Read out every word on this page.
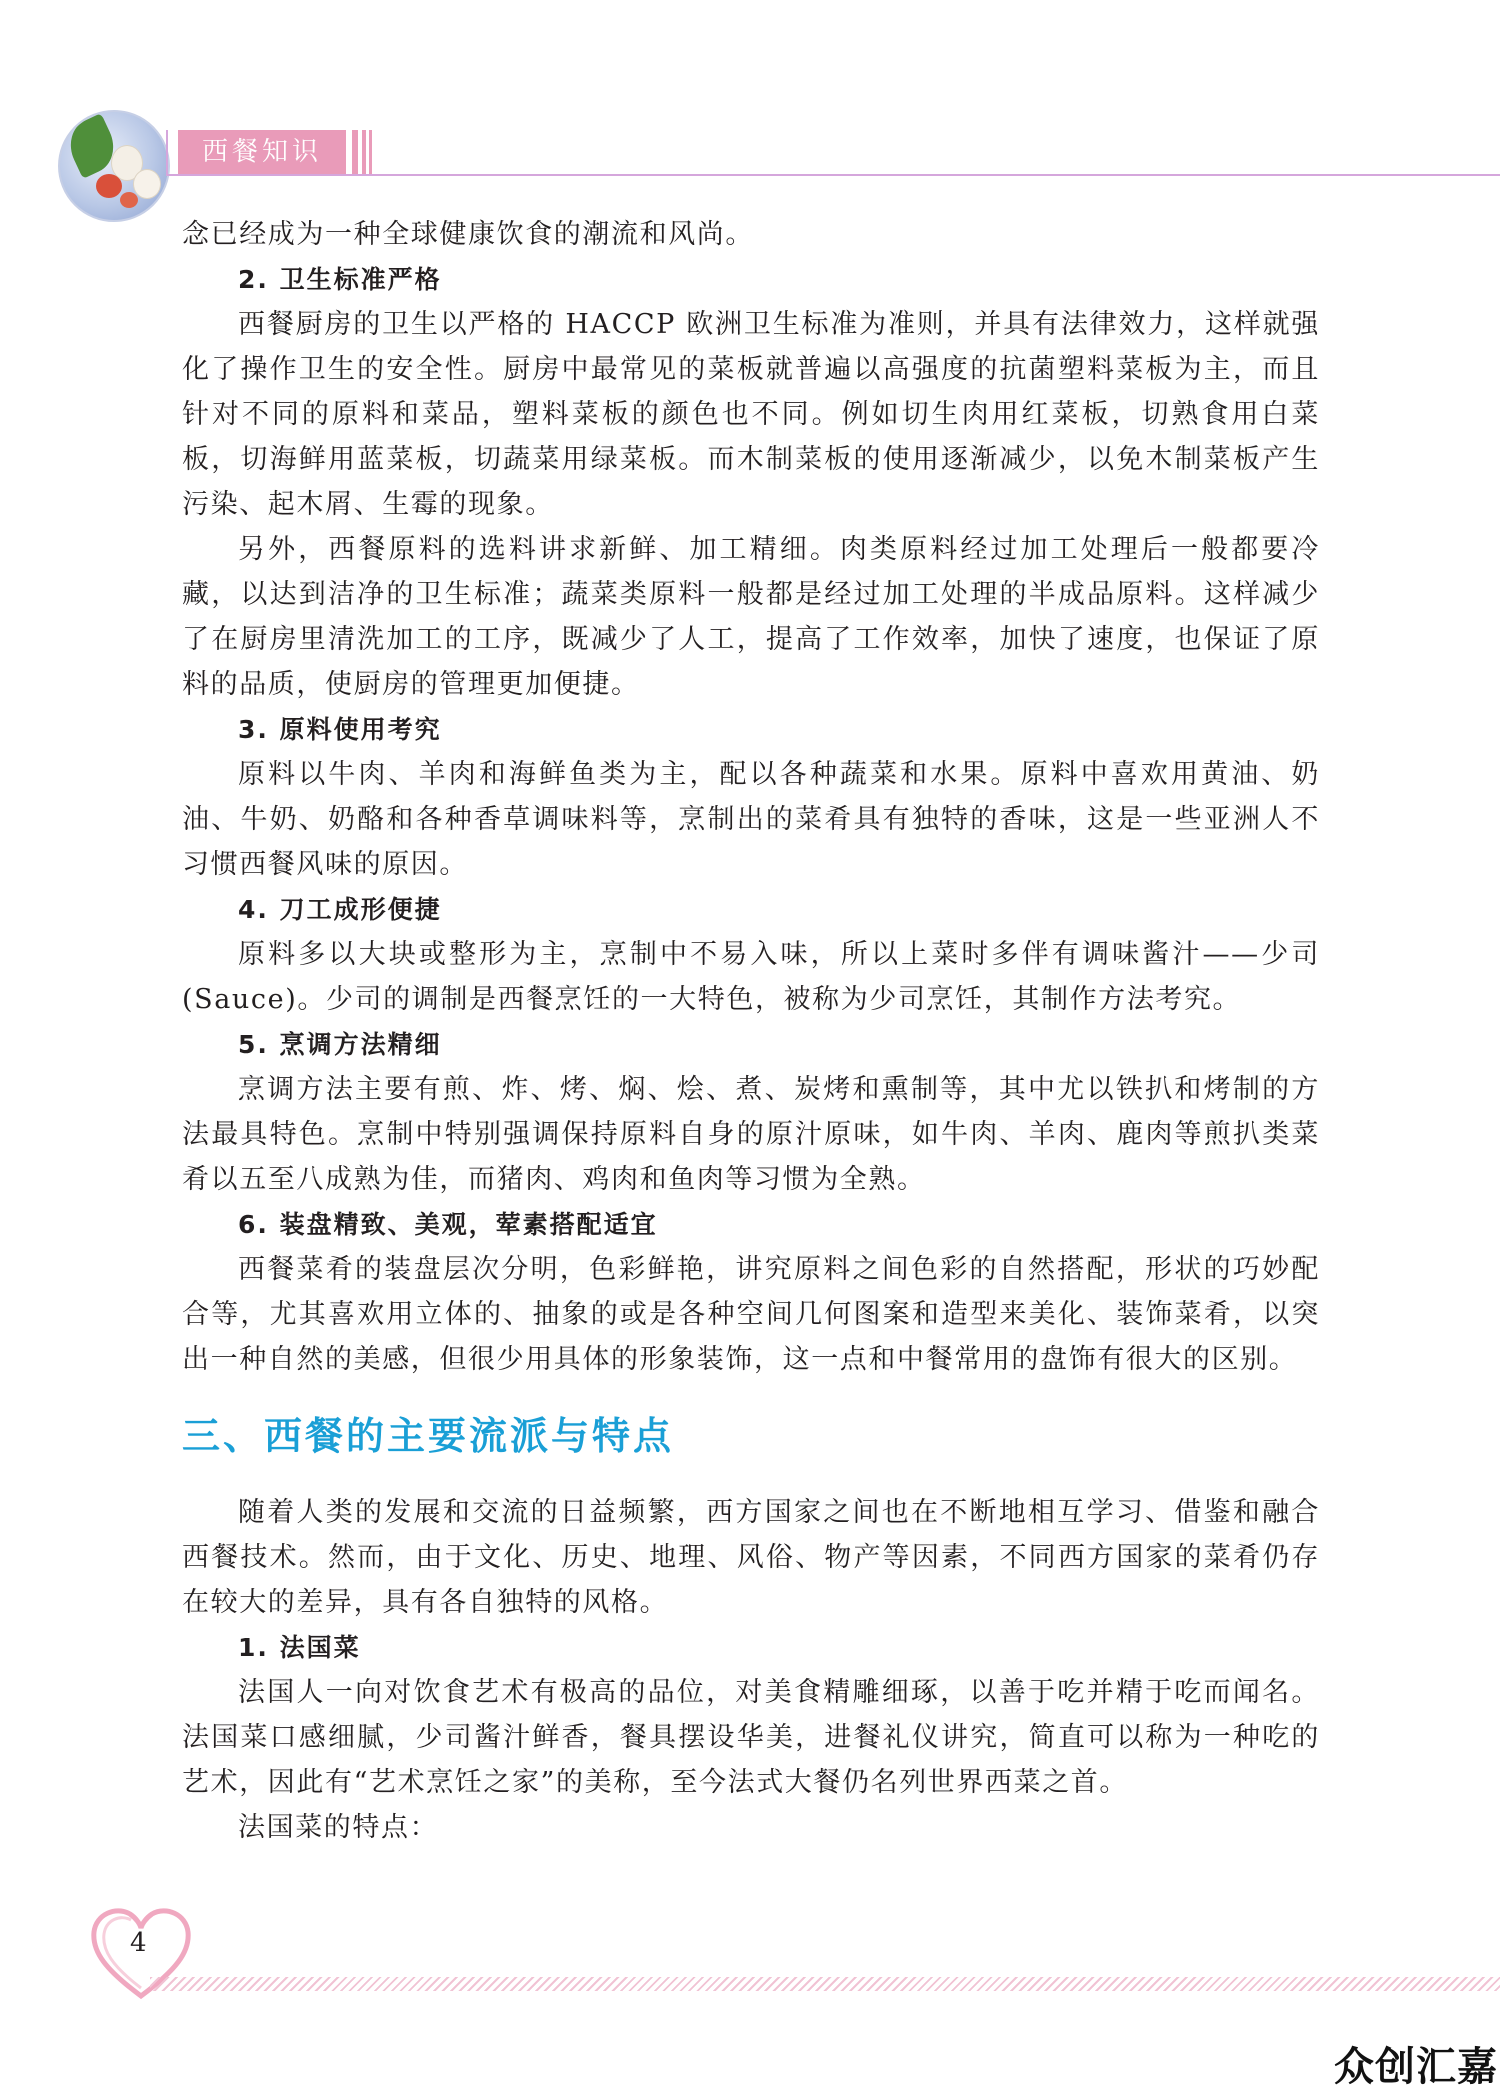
西餐知识

念已经成为一种全球健康饮食的潮流和风尚。

2. 卫生标准严格

西餐厨房的卫生以严格的 HACCP 欧洲卫生标准为准则，并具有法律效力，这样就强化了操作卫生的安全性。厨房中最常见的菜板就普遍以高强度的抗菌塑料菜板为主，而且针对不同的原料和菜品，塑料菜板的颜色也不同。例如切生肉用红菜板，切熟食用白菜板，切海鲜用蓝菜板，切蔬菜用绿菜板。而木制菜板的使用逐渐减少，以免木制菜板产生污染、起木屑、生霉的现象。

另外，西餐原料的选料讲求新鲜、加工精细。肉类原料经过加工处理后一般都要冷藏，以达到洁净的卫生标准；蔬菜类原料一般都是经过加工处理的半成品原料。这样减少了在厨房里清洗加工的工序，既减少了人工，提高了工作效率，加快了速度，也保证了原料的品质，使厨房的管理更加便捷。

3. 原料使用考究

原料以牛肉、羊肉和海鲜鱼类为主，配以各种蔬菜和水果。原料中喜欢用黄油、奶油、牛奶、奶酪和各种香草调味料等，烹制出的菜肴具有独特的香味，这是一些亚洲人不习惯西餐风味的原因。

4. 刀工成形便捷

原料多以大块或整形为主，烹制中不易入味，所以上菜时多伴有调味酱汁——少司(Sauce)。少司的调制是西餐烹饪的一大特色，被称为少司烹饪，其制作方法考究。

5. 烹调方法精细

烹调方法主要有煎、炸、烤、焖、烩、煮、炭烤和熏制等，其中尤以铁扒和烤制的方法最具特色。烹制中特别强调保持原料自身的原汁原味，如牛肉、羊肉、鹿肉等煎扒类菜肴以五至八成熟为佳，而猪肉、鸡肉和鱼肉等习惯为全熟。

6. 装盘精致、美观，荤素搭配适宜

西餐菜肴的装盘层次分明，色彩鲜艳，讲究原料之间色彩的自然搭配，形状的巧妙配合等，尤其喜欢用立体的、抽象的或是各种空间几何图案和造型来美化、装饰菜肴，以突出一种自然的美感，但很少用具体的形象装饰，这一点和中餐常用的盘饰有很大的区别。

三、西餐的主要流派与特点

随着人类的发展和交流的日益频繁，西方国家之间也在不断地相互学习、借鉴和融合西餐技术。然而，由于文化、历史、地理、风俗、物产等因素，不同西方国家的菜肴仍存在较大的差异，具有各自独特的风格。

1. 法国菜

法国人一向对饮食艺术有极高的品位，对美食精雕细琢，以善于吃并精于吃而闻名。法国菜口感细腻，少司酱汁鲜香，餐具摆设华美，进餐礼仪讲究，简直可以称为一种吃的艺术，因此有“艺术烹饪之家”的美称，至今法式大餐仍名列世界西菜之首。

法国菜的特点：

4
众创汇嘉
